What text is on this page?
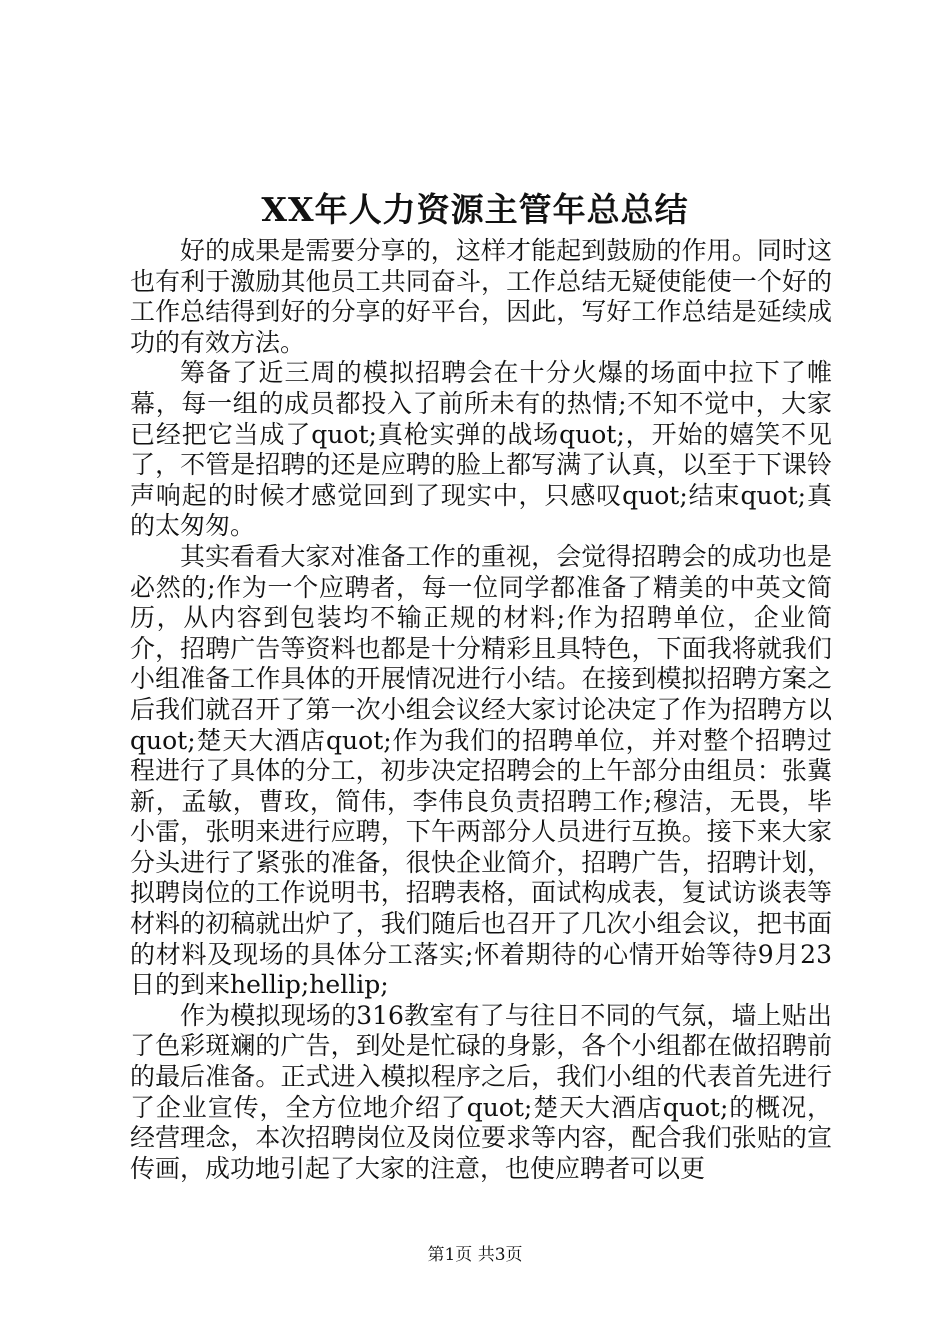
XX年人力资源主管年总总结

好的成果是需要分享的，这样才能起到鼓励的作用。同时这也有利于激励其他员工共同奋斗，工作总结无疑使能使一个好的工作总结得到好的分享的好平台，因此，写好工作总结是延续成功的有效方法。

筹备了近三周的模拟招聘会在十分火爆的场面中拉下了帷幕，每一组的成员都投入了前所未有的热情;不知不觉中，大家已经把它当成了quot;真枪实弹的战场quot;，开始的嬉笑不见了，不管是招聘的还是应聘的脸上都写满了认真，以至于下课铃声响起的时候才感觉回到了现实中，只感叹quot;结束quot;真的太匆匆。

其实看看大家对准备工作的重视，会觉得招聘会的成功也是必然的;作为一个应聘者，每一位同学都准备了精美的中英文简历，从内容到包装均不输正规的材料;作为招聘单位，企业简介，招聘广告等资料也都是十分精彩且具特色，下面我将就我们小组准备工作具体的开展情况进行小结。在接到模拟招聘方案之后我们就召开了第一次小组会议经大家讨论决定了作为招聘方以quot;楚天大酒店quot;作为我们的招聘单位，并对整个招聘过程进行了具体的分工，初步决定招聘会的上午部分由组员：张冀新，孟敏，曹玫，简伟，李伟良负责招聘工作;穆洁，无畏，毕小雷，张明来进行应聘，下午两部分人员进行互换。接下来大家分头进行了紧张的准备，很快企业简介，招聘广告，招聘计划，拟聘岗位的工作说明书，招聘表格，面试构成表，复试访谈表等材料的初稿就出炉了，我们随后也召开了几次小组会议，把书面的材料及现场的具体分工落实;怀着期待的心情开始等待9月23日的到来hellip;hellip;

作为模拟现场的316教室有了与往日不同的气氛，墙上贴出了色彩斑斓的广告，到处是忙碌的身影，各个小组都在做招聘前的最后准备。正式进入模拟程序之后，我们小组的代表首先进行了企业宣传，全方位地介绍了quot;楚天大酒店quot;的概况，经营理念，本次招聘岗位及岗位要求等内容，配合我们张贴的宣传画，成功地引起了大家的注意，也使应聘者可以更

第1页 共3页
